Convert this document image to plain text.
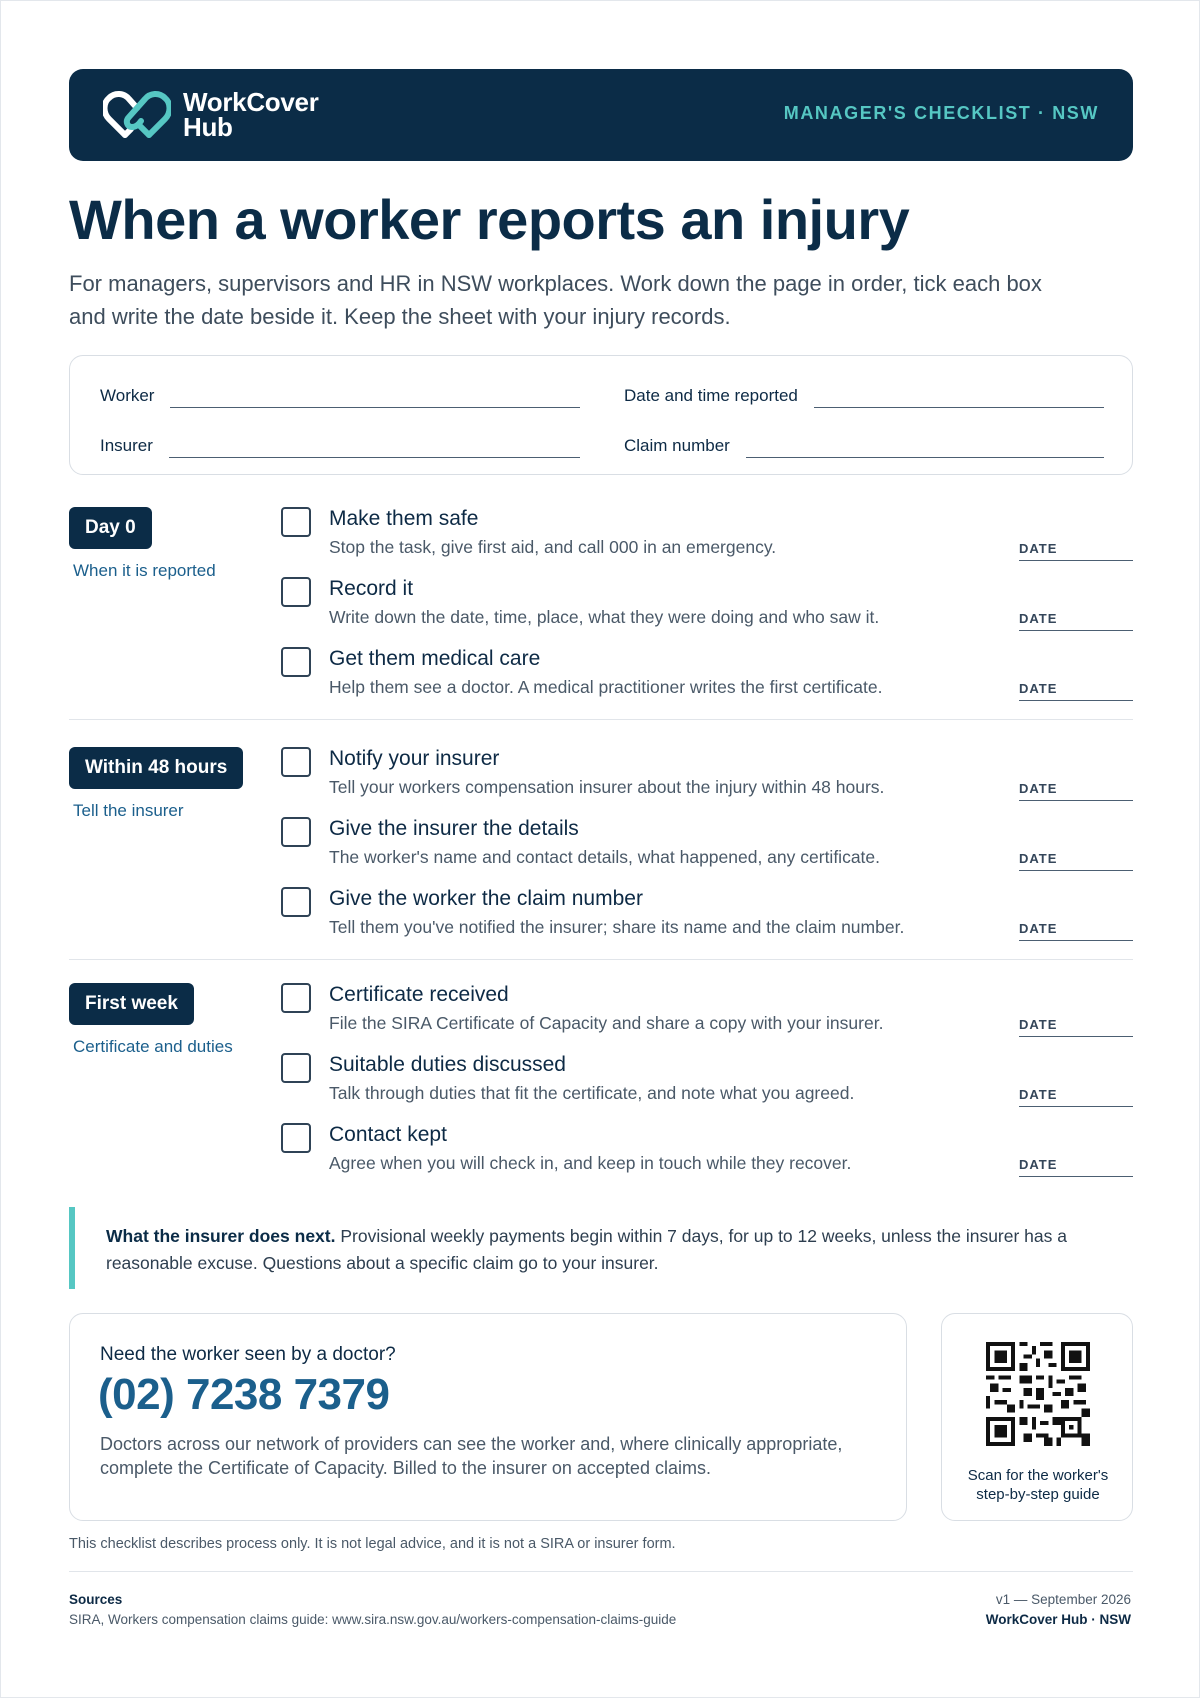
WorkCover
Hub	MANAGER'S CHECKLIST · NSW
When a worker reports an injury

For managers, supervisors and HR in NSW workplaces. Work down the page in order, tick each box and write the date beside it. Keep the sheet with your injury records.

Worker	Date and time reported
Insurer	Claim number
Day 0
When it is reported
Make them safe
Stop the task, give first aid, and call 000 in an emergency.	DATE
Record it
Write down the date, time, place, what they were doing and who saw it.	DATE
Get them medical care
Help them see a doctor. A medical practitioner writes the first certificate.	DATE
Within 48 hours
Tell the insurer
Notify your insurer
Tell your workers compensation insurer about the injury within 48 hours.	DATE
Give the insurer the details
The worker's name and contact details, what happened, any certificate.	DATE
Give the worker the claim number
Tell them you've notified the insurer; share its name and the claim number.	DATE
First week
Certificate and duties
Certificate received
File the SIRA Certificate of Capacity and share a copy with your insurer.	DATE
Suitable duties discussed
Talk through duties that fit the certificate, and note what you agreed.	DATE
Contact kept
Agree when you will check in, and keep in touch while they recover.	DATE

What the insurer does next. Provisional weekly payments begin within 7 days, for up to 12 weeks, unless the insurer has a reasonable excuse. Questions about a specific claim go to your insurer.

Need the worker seen by a doctor?
(02) 7238 7379

Doctors across our network of providers can see the worker and, where clinically appropriate, complete the Certificate of Capacity. Billed to the insurer on accepted claims.	Scan for the worker's
step-by-step guide
This checklist describes process only. It is not legal advice, and it is not a SIRA or insurer form.
Sources
SIRA, Workers compensation claims guide: www.sira.nsw.gov.au/workers-compensation-claims-guide
v1 — September 2026
WorkCover Hub · NSW
